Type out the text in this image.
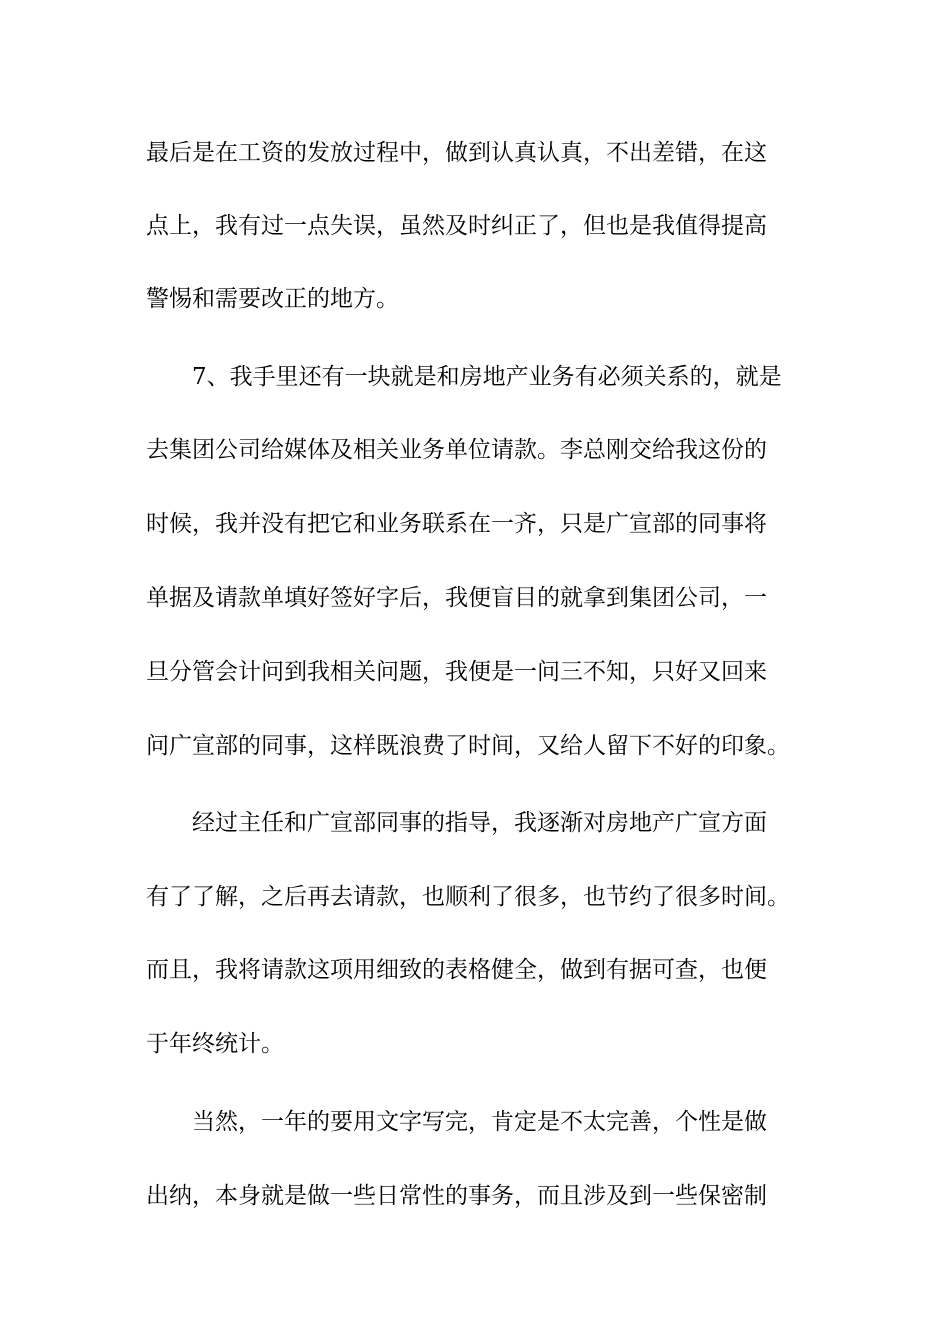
最后是在工资的发放过程中，做到认真认真，不出差错，在这
点上，我有过一点失误，虽然及时纠正了，但也是我值得提高
警惕和需要改正的地方。
　　7、我手里还有一块就是和房地产业务有必须关系的，就是
去集团公司给媒体及相关业务单位请款。李总刚交给我这份的
时候，我并没有把它和业务联系在一齐，只是广宣部的同事将
单据及请款单填好签好字后，我便盲目的就拿到集团公司，一
旦分管会计问到我相关问题，我便是一问三不知，只好又回来
问广宣部的同事，这样既浪费了时间，又给人留下不好的印象。
　　经过主任和广宣部同事的指导，我逐渐对房地产广宣方面
有了了解，之后再去请款，也顺利了很多，也节约了很多时间。
而且，我将请款这项用细致的表格健全，做到有据可查，也便
于年终统计。
　　当然，一年的要用文字写完，肯定是不太完善，个性是做
出纳，本身就是做一些日常性的事务，而且涉及到一些保密制
